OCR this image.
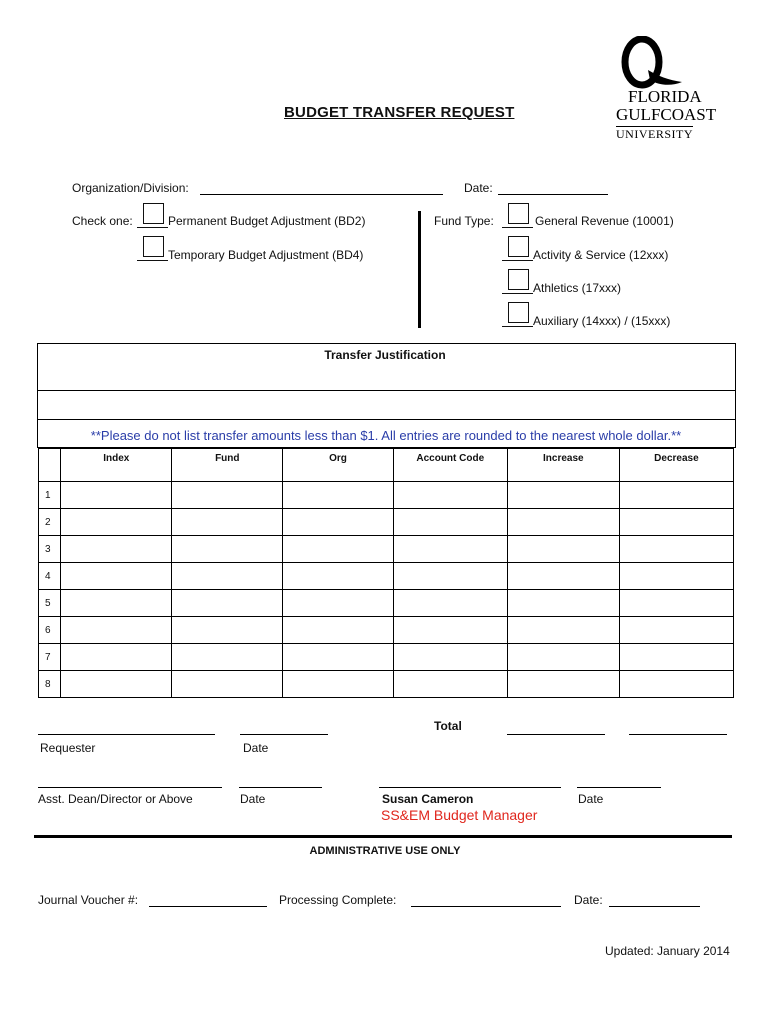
FLORIDA
GULFCOAST
UNIVERSITY
BUDGET TRANSFER REQUEST
Organization/Division:	Date:
Check one:	Permanent Budget Adjustment (BD2)
Temporary Budget Adjustment (BD4)
Fund Type:	General Revenue (10001)
Activity & Service (12xxx)
Athletics (17xxx)
Auxiliary (14xxx) / (15xxx)
Transfer Justification
**Please do not list transfer amounts less than $1. All entries are rounded to the nearest whole dollar.**
	Index	Fund	Org	Account Code	Increase	Decrease
1						
2						
3						
4						
5						
6						
7						
8						
Total
Requester	Date
Asst. Dean/Director or Above	Date	Susan Cameron	Date
SS&EM Budget Manager
ADMINISTRATIVE USE ONLY
Journal Voucher #:	Processing Complete:	Date:
Updated: January 2014
